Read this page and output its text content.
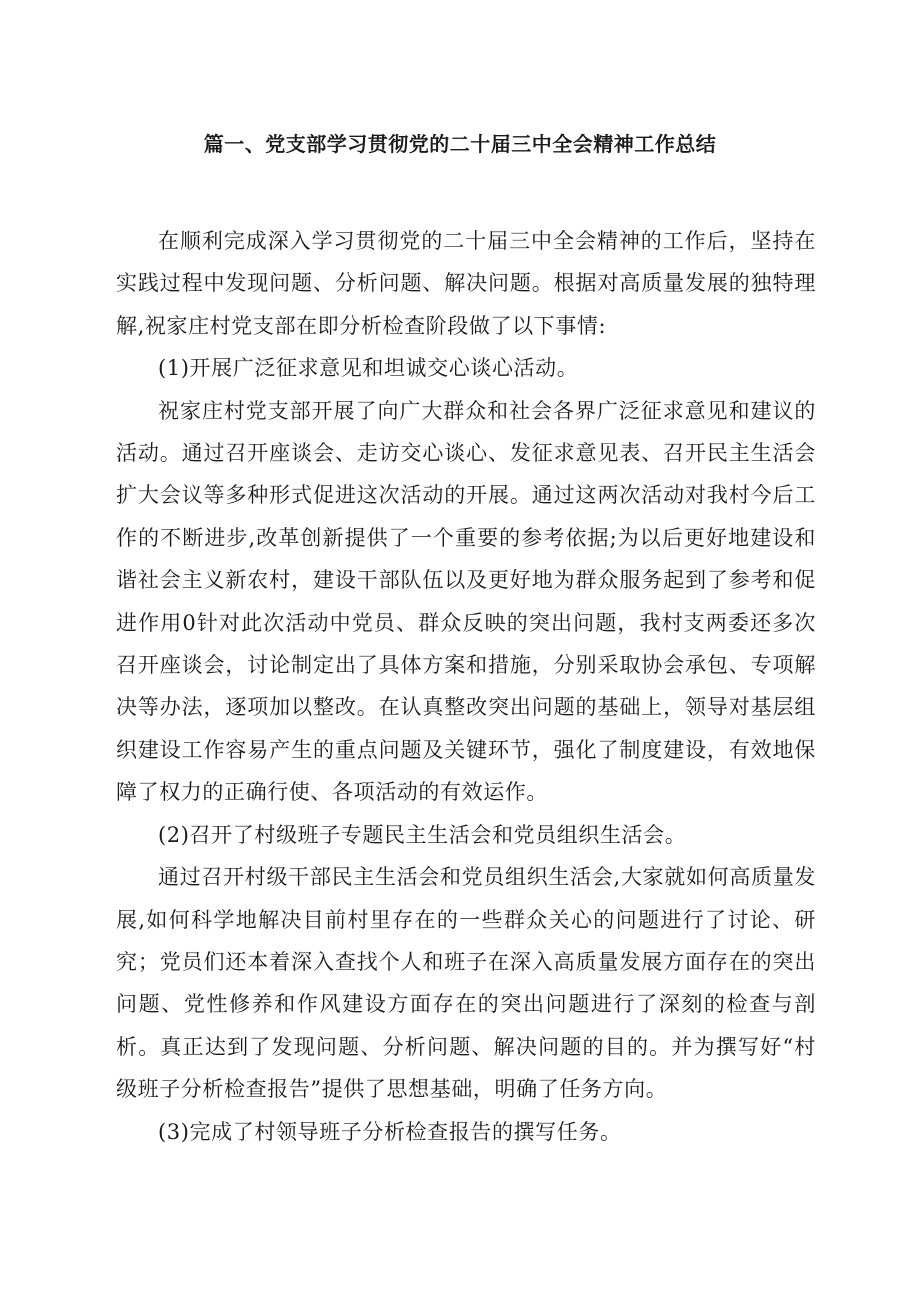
篇一、党支部学习贯彻党的二十届三中全会精神工作总结

在顺利完成深入学习贯彻党的二十届三中全会精神的工作后，坚持在实践过程中发现问题、分析问题、解决问题。根据对高质量发展的独特理解,祝家庄村党支部在即分析检查阶段做了以下事情:

(1)开展广泛征求意见和坦诚交心谈心活动。

祝家庄村党支部开展了向广大群众和社会各界广泛征求意见和建议的活动。通过召开座谈会、走访交心谈心、发征求意见表、召开民主生活会扩大会议等多种形式促进这次活动的开展。通过这两次活动对我村今后工作的不断进步,改革创新提供了一个重要的参考依据;为以后更好地建设和谐社会主义新农村，建设干部队伍以及更好地为群众服务起到了参考和促进作用0针对此次活动中党员、群众反映的突出问题，我村支两委还多次召开座谈会，讨论制定出了具体方案和措施，分别采取协会承包、专项解决等办法，逐项加以整改。在认真整改突出问题的基础上，领导对基层组织建设工作容易产生的重点问题及关键环节，强化了制度建设，有效地保障了权力的正确行使、各项活动的有效运作。

(2)召开了村级班子专题民主生活会和党员组织生活会。

通过召开村级干部民主生活会和党员组织生活会,大家就如何高质量发展,如何科学地解决目前村里存在的一些群众关心的问题进行了讨论、研究；党员们还本着深入查找个人和班子在深入高质量发展方面存在的突出问题、党性修养和作风建设方面存在的突出问题进行了深刻的检查与剖析。真正达到了发现问题、分析问题、解决问题的目的。并为撰写好“村级班子分析检查报告”提供了思想基础，明确了任务方向。

(3)完成了村领导班子分析检查报告的撰写任务。
